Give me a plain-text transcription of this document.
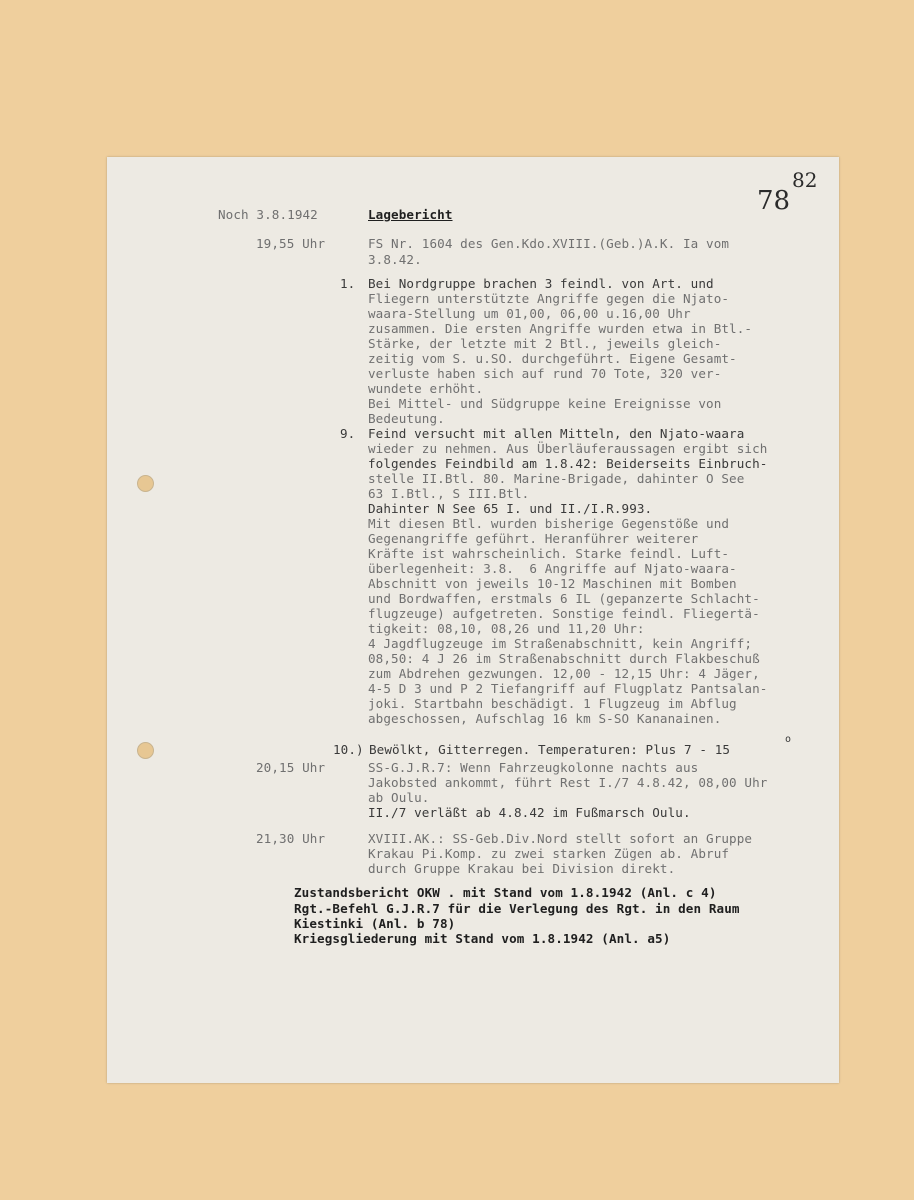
82
78
Noch 3.8.1942	Lagebericht
19,55 Uhr	FS Nr. 1604 des Gen.Kdo.XVIII.(Geb.)A.K. Ia vom
3.8.42.
1. Bei Nordgruppe brachen 3 feindl. von Art. und
Fliegern unterstützte Angriffe gegen die Njato-
waara-Stellung um 01,00, 06,00 u.16,00 Uhr
zusammen. Die ersten Angriffe wurden etwa in Btl.-
Stärke, der letzte mit 2 Btl., jeweils gleich-
zeitig vom S. u.SO. durchgeführt. Eigene Gesamt-
verluste haben sich auf rund 70 Tote, 320 ver-
wundete erhöht.
Bei Mittel- und Südgruppe keine Ereignisse von
Bedeutung.
9. Feind versucht mit allen Mitteln, den Njato-waara
wieder zu nehmen. Aus Überläuferaussagen ergibt sich
folgendes Feindbild am 1.8.42: Beiderseits Einbruch-
stelle II.Btl. 80. Marine-Brigade, dahinter O See
63 I.Btl., S III.Btl.
Dahinter N See 65 I. und II./I.R.993.
Mit diesen Btl. wurden bisherige Gegenstöße und
Gegenangriffe geführt. Heranführer weiterer
Kräfte ist wahrscheinlich. Starke feindl. Luft-
überlegenheit: 3.8.  6 Angriffe auf Njato-waara-
Abschnitt von jeweils 10-12 Maschinen mit Bomben
und Bordwaffen, erstmals 6 IL (gepanzerte Schlacht-
flugzeuge) aufgetreten. Sonstige feindl. Fliegertä-
tigkeit: 08,10, 08,26 und 11,20 Uhr:
4 Jagdflugzeuge im Straßenabschnitt, kein Angriff;
08,50: 4 J 26 im Straßenabschnitt durch Flakbeschuß
zum Abdrehen gezwungen. 12,00 - 12,15 Uhr: 4 Jäger,
4-5 D 3 und P 2 Tiefangriff auf Flugplatz Pantsalan-
joki. Startbahn beschädigt. 1 Flugzeug im Abflug
abgeschossen, Aufschlag 16 km S-SO Kananainen.
10.) Bewölkt, Gitterregen. Temperaturen: Plus 7 - 15
o
20,15 Uhr	SS-G.J.R.7: Wenn Fahrzeugkolonne nachts aus
Jakobsted ankommt, führt Rest I./7 4.8.42, 08,00 Uhr
ab Oulu.
II./7 verläßt ab 4.8.42 im Fußmarsch Oulu.
21,30 Uhr	XVIII.AK.: SS-Geb.Div.Nord stellt sofort an Gruppe
Krakau Pi.Komp. zu zwei starken Zügen ab. Abruf
durch Gruppe Krakau bei Division direkt.
Zustandsbericht OKW . mit Stand vom 1.8.1942 (Anl. c 4)
Rgt.-Befehl G.J.R.7 für die Verlegung des Rgt. in den Raum
Kiestinki (Anl. b 78)
Kriegsgliederung mit Stand vom 1.8.1942 (Anl. a5)
